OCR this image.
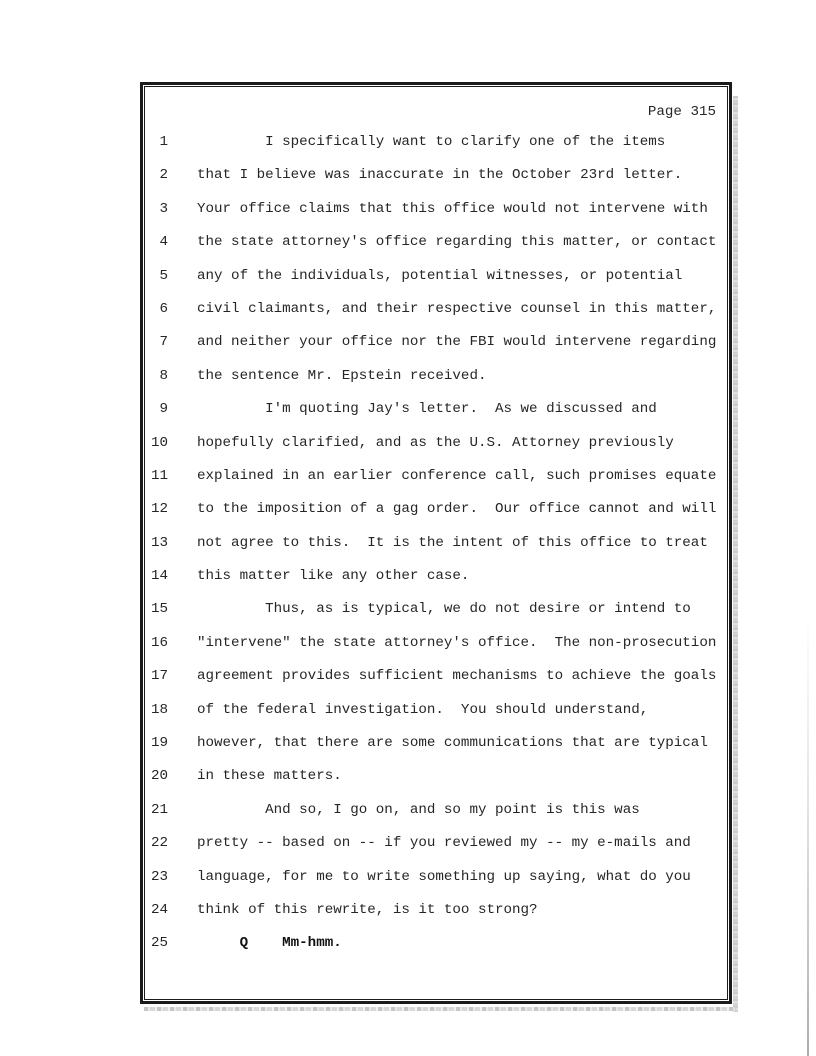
Page 315
1 I specifically want to clarify one of the items
2 that I believe was inaccurate in the October 23rd letter.
3 Your office claims that this office would not intervene with
4 the state attorney's office regarding this matter, or contact
5 any of the individuals, potential witnesses, or potential
6 civil claimants, and their respective counsel in this matter,
7 and neither your office nor the FBI would intervene regarding
8 the sentence Mr. Epstein received.
9 I'm quoting Jay's letter.  As we discussed and
10 hopefully clarified, and as the U.S. Attorney previously
11 explained in an earlier conference call, such promises equate
12 to the imposition of a gag order.  Our office cannot and will
13 not agree to this.  It is the intent of this office to treat
14 this matter like any other case.
15 Thus, as is typical, we do not desire or intend to
16 "intervene" the state attorney's office.  The non-prosecution
17 agreement provides sufficient mechanisms to achieve the goals
18 of the federal investigation.  You should understand,
19 however, that there are some communications that are typical
20 in these matters.
21 And so, I go on, and so my point is this was
22 pretty -- based on -- if you reviewed my -- my e-mails and
23 language, for me to write something up saying, what do you
24 think of this rewrite, is it too strong?
25 Q    Mm-hmm.
